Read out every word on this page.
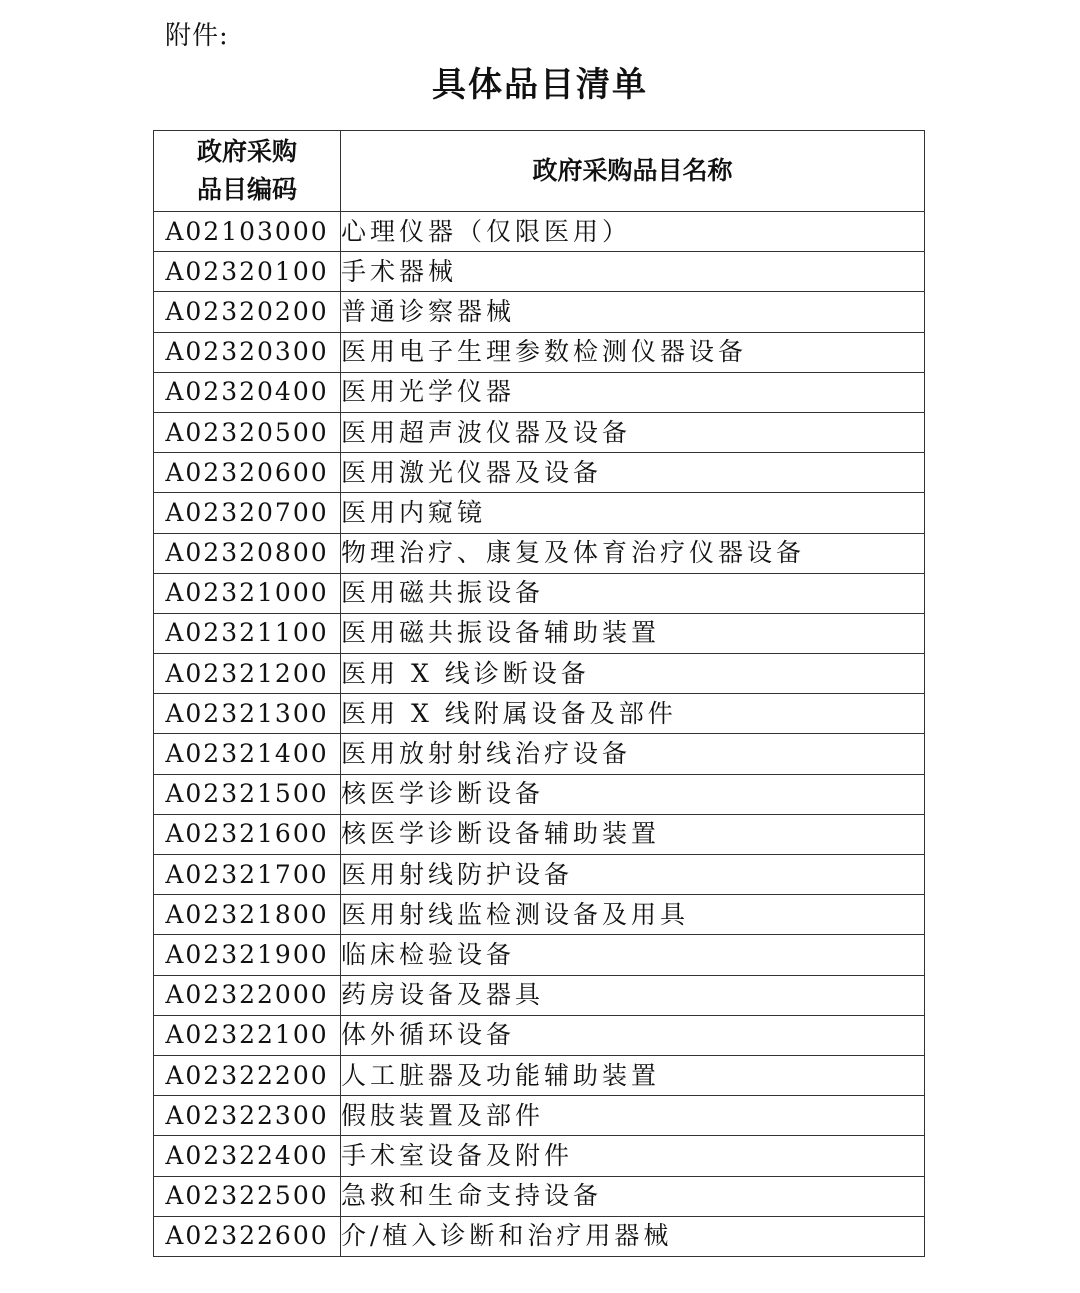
附件:
具体品目清单
政府采购
品目编码	政府采购品目名称
A02103000	心理仪器（仅限医用）
A02320100	手术器械
A02320200	普通诊察器械
A02320300	医用电子生理参数检测仪器设备
A02320400	医用光学仪器
A02320500	医用超声波仪器及设备
A02320600	医用激光仪器及设备
A02320700	医用内窥镜
A02320800	物理治疗、康复及体育治疗仪器设备
A02321000	医用磁共振设备
A02321100	医用磁共振设备辅助装置
A02321200	医用 X 线诊断设备
A02321300	医用 X 线附属设备及部件
A02321400	医用放射射线治疗设备
A02321500	核医学诊断设备
A02321600	核医学诊断设备辅助装置
A02321700	医用射线防护设备
A02321800	医用射线监检测设备及用具
A02321900	临床检验设备
A02322000	药房设备及器具
A02322100	体外循环设备
A02322200	人工脏器及功能辅助装置
A02322300	假肢装置及部件
A02322400	手术室设备及附件
A02322500	急救和生命支持设备
A02322600	介/植入诊断和治疗用器械
